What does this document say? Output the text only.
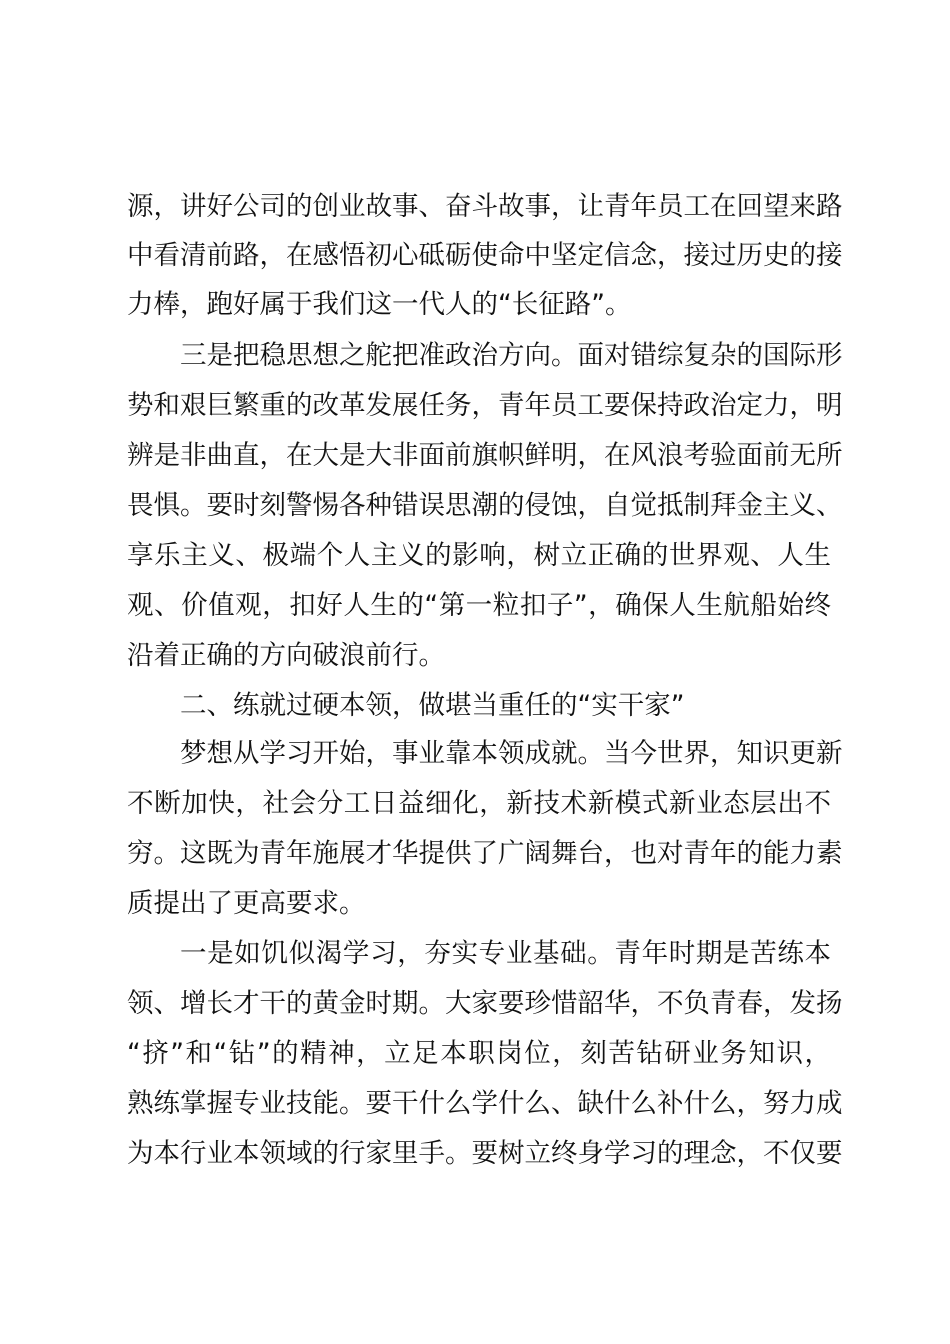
源，讲好公司的创业故事、奋斗故事，让青年员工在回望来路
中看清前路，在感悟初心砥砺使命中坚定信念，接过历史的接
力棒，跑好属于我们这一代人的“长征路”。
三是把稳思想之舵把准政治方向。面对错综复杂的国际形
势和艰巨繁重的改革发展任务，青年员工要保持政治定力，明
辨是非曲直，在大是大非面前旗帜鲜明，在风浪考验面前无所
畏惧。要时刻警惕各种错误思潮的侵蚀，自觉抵制拜金主义、
享乐主义、极端个人主义的影响，树立正确的世界观、人生
观、价值观，扣好人生的“第一粒扣子”，确保人生航船始终
沿着正确的方向破浪前行。
二、练就过硬本领，做堪当重任的“实干家”
梦想从学习开始，事业靠本领成就。当今世界，知识更新
不断加快，社会分工日益细化，新技术新模式新业态层出不
穷。这既为青年施展才华提供了广阔舞台，也对青年的能力素
质提出了更高要求。
一是如饥似渴学习，夯实专业基础。青年时期是苦练本
领、增长才干的黄金时期。大家要珍惜韶华，不负青春，发扬
“挤”和“钻”的精神，立足本职岗位，刻苦钻研业务知识，
熟练掌握专业技能。要干什么学什么、缺什么补什么，努力成
为本行业本领域的行家里手。要树立终身学习的理念，不仅要
